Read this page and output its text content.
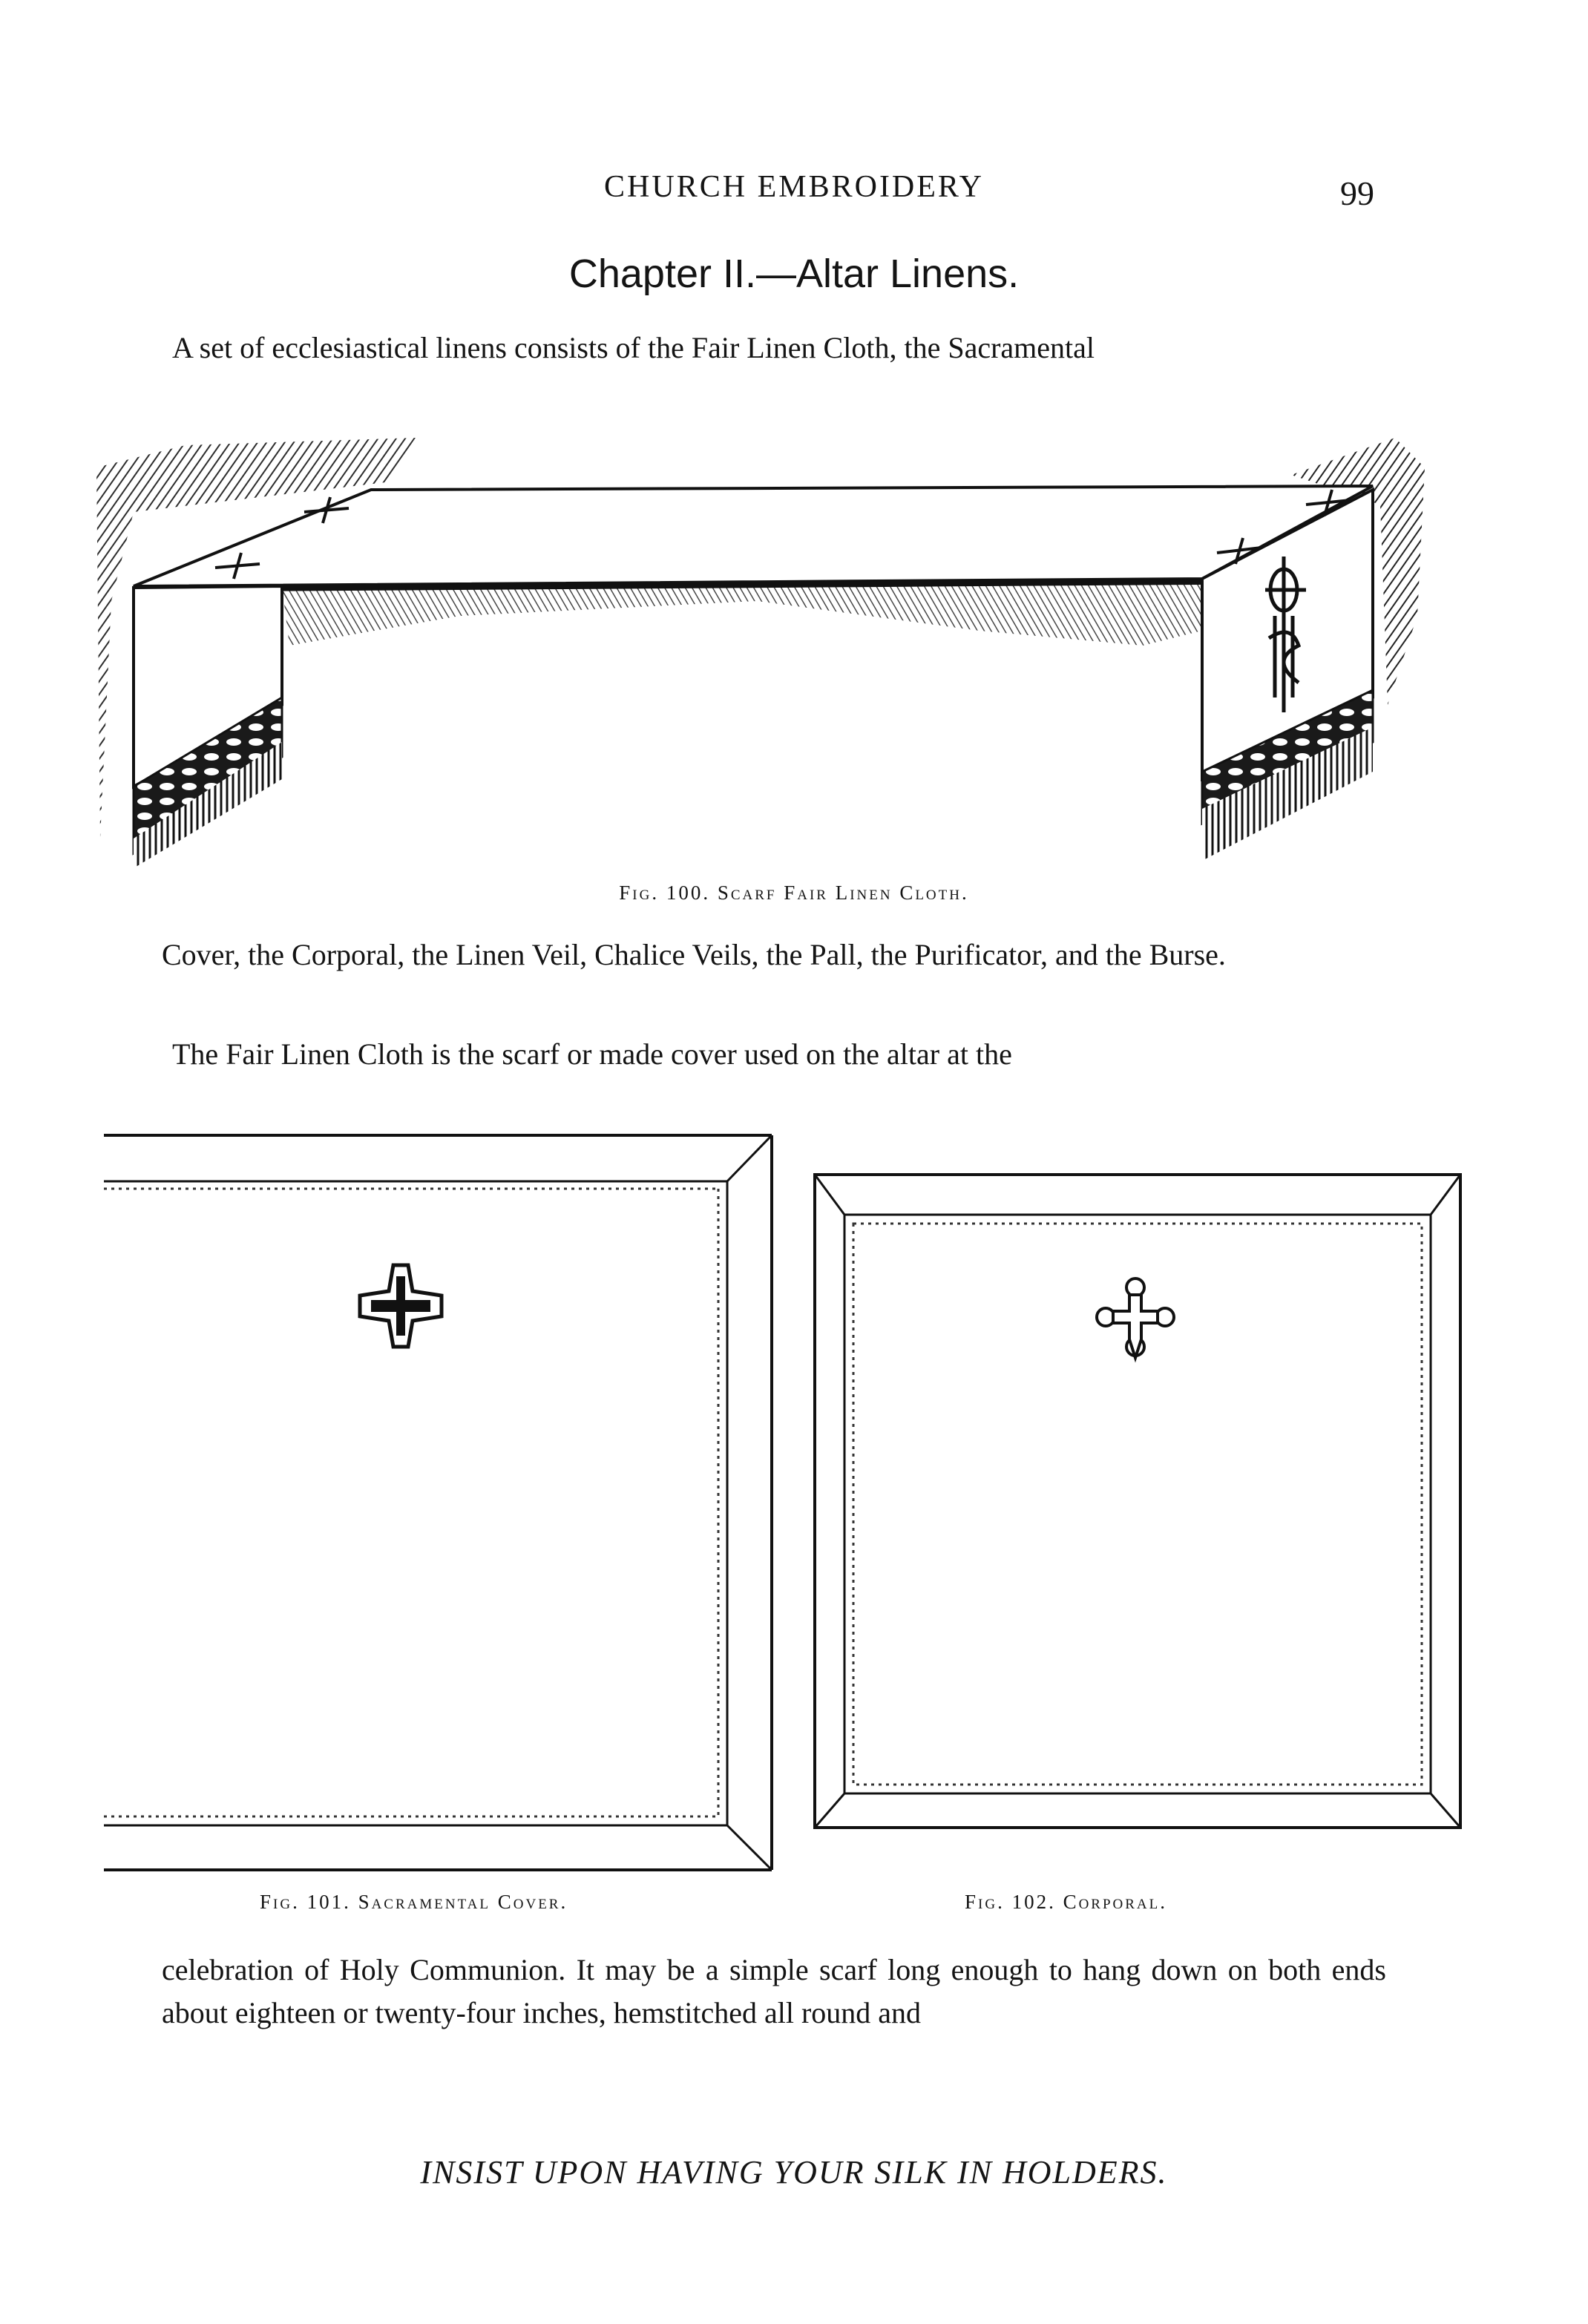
CHURCH EMBROIDERY	99
Chapter II.—Altar Linens.
A set of ecclesiastical linens consists of the Fair Linen Cloth, the Sacramental
Fig. 100. Scarf Fair Linen Cloth.
Cover, the Corporal, the Linen Veil, Chalice Veils, the Pall, the Purificator, and the Burse.
The Fair Linen Cloth is the scarf or made cover used on the altar at the
Fig. 101. Sacramental Cover.	Fig. 102. Corporal.
celebration of Holy Communion. It may be a simple scarf long enough to hang down on both ends about eighteen or twenty-four inches, hemstitched all round and
INSIST UPON HAVING YOUR SILK IN HOLDERS.
